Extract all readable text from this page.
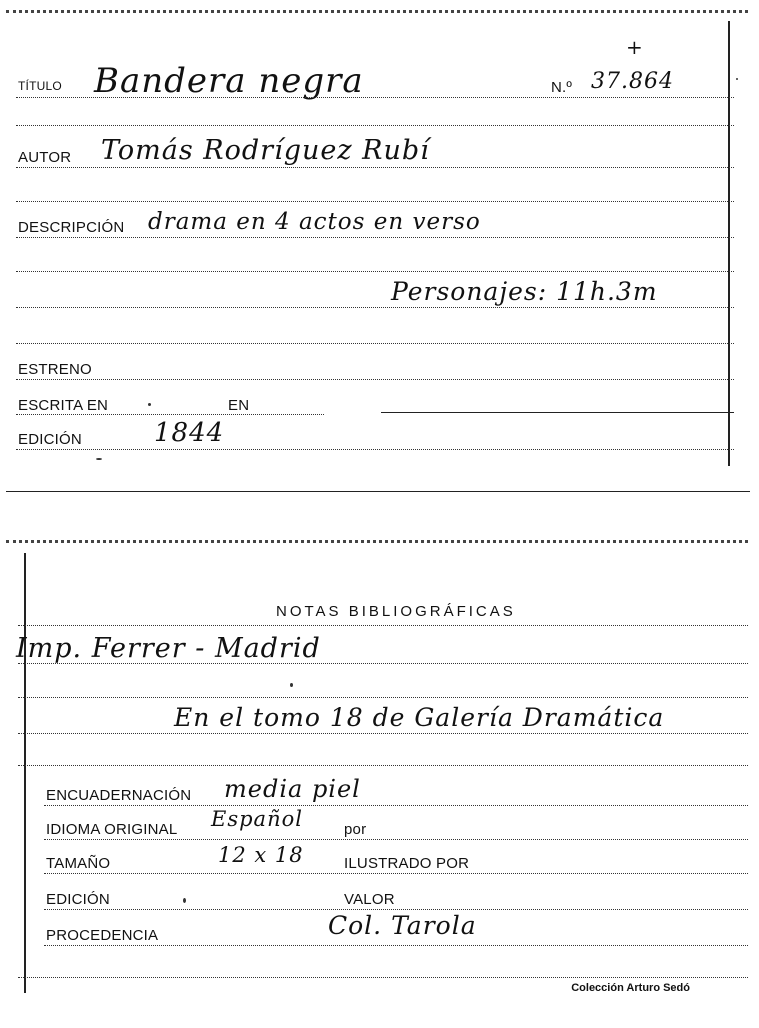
TÍTULO Bandera negra	N.º 37.864
+
AUTOR Tomás Rodríguez Rubí
DESCRIPCIÓN drama en 4 actos en verso
Personajes: 11h.3m
ESTRENO
ESCRITA EN	EN
EDICIÓN	1844
NOTAS BIBLIOGRÁFICAS
Imp. Ferrer - Madrid
En el tomo 18 de Galería Dramática
ENCUADERNACIÓN media piel
IDIOMA ORIGINAL Español	por
TAMAÑO	12 x 18	ILUSTRADO POR
EDICIÓN	VALOR
PROCEDENCIA	Col. Tarola
Colección Arturo Sedó
